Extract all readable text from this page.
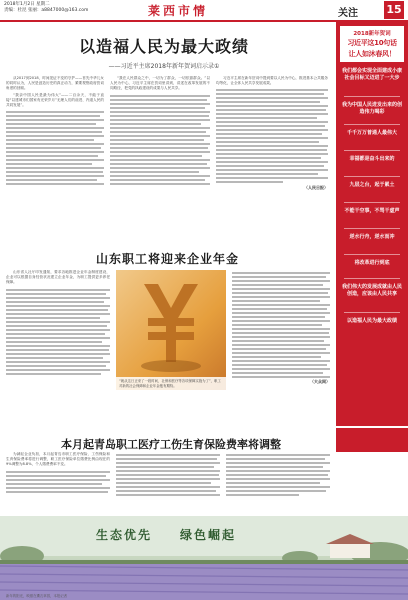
2018年1月2日 星期二
责编：杜昆 张丽：a8847000@163.com	莱西市情	关注	15
以造福人民为最大政绩
——习近平主席2018年新年贺词启示录①
从2017到2018，时间见证不变的守护——首先中华儿女的同时认为，人民是创造历史的真正动力，紧要观察政府贺词角度的回顾。
“我亲中国人民是最为伟大”——二百余天，不能于直接“以建城市们国家有光荣岁月”无理人们的前进、内道人民的共同发展”。
“我在人民群众之中，一切为了群众，一切依靠群众。”以人民为中心，习近平主席在贺词里讲到，讲述在改革发展的不同路径，把党的执政建设的成果与人民共享。
习近平主席在新年贺词中提到要以人民为中心，推进基本公共服务均等化，让全体人民共享发展成果。
（人民日报）
2018新年贺词
习近平这10句话
让人如沐春风！
我们都会实现全面建成小康社会目标又迈进了一大步
我为中国人民迸发出来的创造伟力喝彩
千千万万普通人最伟大
幸福都是奋斗出来的
九层之台，起于累土
不能干空事，不骂干虚声
逆水行舟，逆水而冲
将改革进行到底
我们伟大的发展成就由人民创造，应该由人民共享
以造福人民为最大政绩
山东职工将迎来企业年金
山东省人社厅印发通知，要求各地推进企业年金制度建设，企业可以根据自身经营状况建立企业年金，为职工提供更多养老保障。
“就从这日正来了一段时间，社保和医疗等各项保障实施为了”，职工对新的社会保障和企业年金抱有期待。
（大众网）
本月起青岛职工医疗工伤生育保险费率将调整
为减轻企业负担，本月起青岛市职工医疗保险、工伤保险和生育保险费率将进行调整，职工医疗保险单位缴费比例由现在的9%调整为8.8%，个人缴费费率不变。
生态优先 绿色崛起
新年的阳光，映照在薰衣草园，本报记者
